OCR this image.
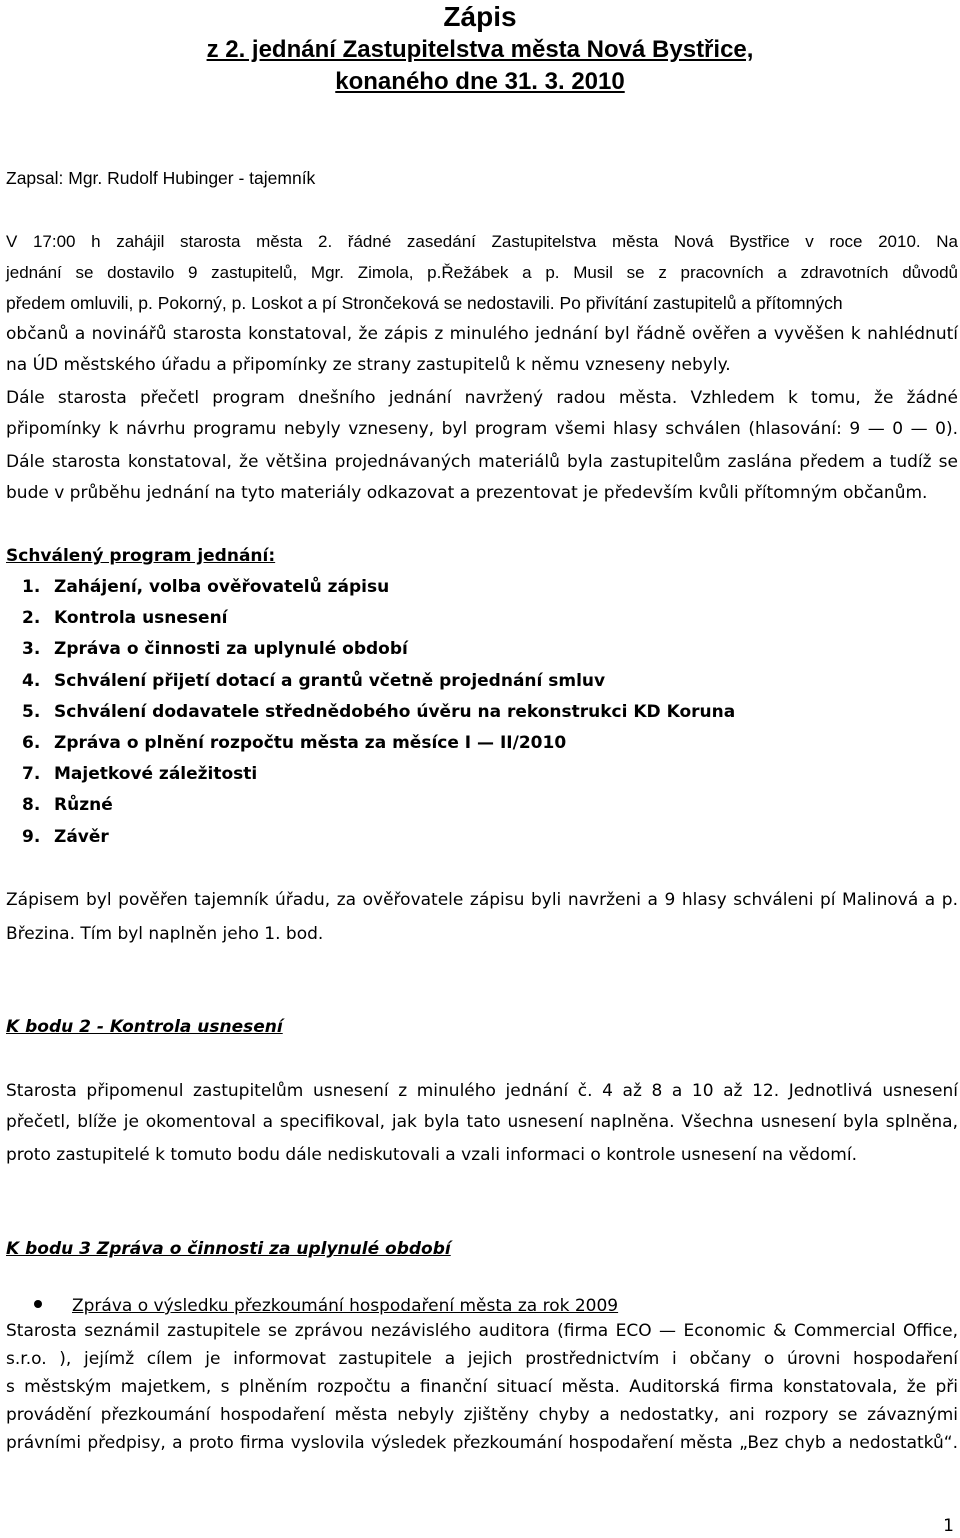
Zápis
z 2. jednání Zastupitelstva města Nová Bystřice,
konaného dne 31. 3. 2010
Zapsal: Mgr. Rudolf Hubinger - tajemník
V 17:00 h zahájil starosta města 2. řádné zasedání Zastupitelstva města Nová Bystřice v roce 2010. Na
jednání se dostavilo 9 zastupitelů, Mgr. Zimola, p.Řežábek a p. Musil se z pracovních a zdravotních důvodů
předem omluvili, p. Pokorný, p. Loskot a pí Strončeková se nedostavili. Po přivítání zastupitelů a přítomných
občanů a novinářů starosta konstatoval, že zápis z minulého jednání byl řádně ověřen a vyvěšen k nahlédnutí
na ÚD městského úřadu a připomínky ze strany zastupitelů k němu vzneseny nebyly.
Dále starosta přečetl program dnešního jednání navržený radou města. Vzhledem k tomu, že žádné
připomínky k návrhu programu nebyly vzneseny, byl program všemi hlasy schválen (hlasování: 9 — 0 — 0).
Dále starosta konstatoval, že většina projednávaných materiálů byla zastupitelům zaslána předem a tudíž se
bude v průběhu jednání na tyto materiály odkazovat a prezentovat je především kvůli přítomným občanům.
Schválený program jednání:
1. Zahájení, volba ověřovatelů zápisu
2. Kontrola usnesení
3. Zpráva o činnosti za uplynulé období
4. Schválení přijetí dotací a grantů včetně projednání smluv
5. Schválení dodavatele střednědobého úvěru na rekonstrukci KD Koruna
6. Zpráva o plnění rozpočtu města za měsíce I — II/2010
7. Majetkové záležitosti
8. Různé
9. Závěr
Zápisem byl pověřen tajemník úřadu, za ověřovatele zápisu byli navrženi a 9 hlasy schváleni pí Malinová a p.
Březina. Tím byl naplněn jeho 1. bod.
K bodu 2 - Kontrola usnesení
Starosta připomenul zastupitelům usnesení z minulého jednání č. 4 až 8 a 10 až 12. Jednotlivá usnesení
přečetl, blíže je okomentoval a specifikoval, jak byla tato usnesení naplněna. Všechna usnesení byla splněna,
proto zastupitelé k tomuto bodu dále nediskutovali a vzali informaci o kontrole usnesení na vědomí.
K bodu 3 Zpráva o činnosti za uplynulé období
Zpráva o výsledku přezkoumání hospodaření města za rok 2009
Starosta seznámil zastupitele se zprávou nezávislého auditora (firma ECO — Economic & Commercial Office,
s.r.o. ), jejímž cílem je informovat zastupitele a jejich prostřednictvím i občany o úrovni hospodaření
s městským majetkem, s plněním rozpočtu a finanční situací města. Auditorská firma konstatovala, že při
provádění přezkoumání hospodaření města nebyly zjištěny chyby a nedostatky, ani rozpory se závaznými
právními předpisy, a proto firma vyslovila výsledek přezkoumání hospodaření města „Bez chyb a nedostatků“.
1
